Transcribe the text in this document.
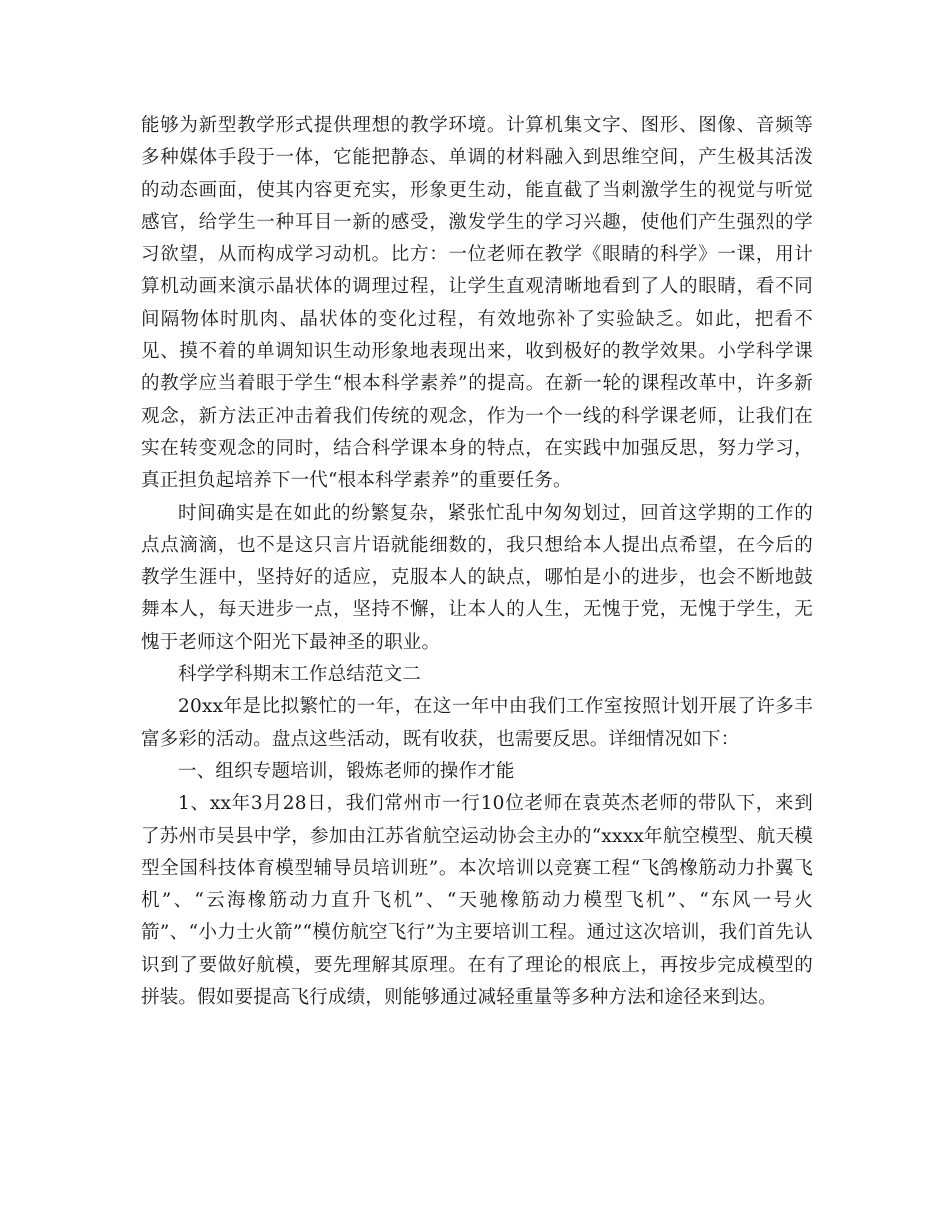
能够为新型教学形式提供理想的教学环境。计算机集文字、图形、图像、音频等多种媒体手段于一体，它能把静态、单调的材料融入到思维空间，产生极其活泼的动态画面，使其内容更充实，形象更生动，能直截了当刺激学生的视觉与听觉感官，给学生一种耳目一新的感受，激发学生的学习兴趣，使他们产生强烈的学习欲望，从而构成学习动机。比方：一位老师在教学《眼睛的科学》一课，用计算机动画来演示晶状体的调理过程，让学生直观清晰地看到了人的眼睛，看不同间隔物体时肌肉、晶状体的变化过程，有效地弥补了实验缺乏。如此，把看不见、摸不着的单调知识生动形象地表现出来，收到极好的教学效果。小学科学课的教学应当着眼于学生“根本科学素养”的提高。在新一轮的课程改革中，许多新观念，新方法正冲击着我们传统的观念，作为一个一线的科学课老师，让我们在实在转变观念的同时，结合科学课本身的特点，在实践中加强反思，努力学习，真正担负起培养下一代“根本科学素养”的重要任务。

时间确实是在如此的纷繁复杂，紧张忙乱中匆匆划过，回首这学期的工作的点点滴滴，也不是这只言片语就能细数的，我只想给本人提出点希望，在今后的教学生涯中，坚持好的适应，克服本人的缺点，哪怕是小的进步，也会不断地鼓舞本人，每天进步一点，坚持不懈，让本人的人生，无愧于党，无愧于学生，无愧于老师这个阳光下最神圣的职业。

科学学科期末工作总结范文二

20xx年是比拟繁忙的一年，在这一年中由我们工作室按照计划开展了许多丰富多彩的活动。盘点这些活动，既有收获，也需要反思。详细情况如下：

一、组织专题培训，锻炼老师的操作才能

1、xx年3月28日，我们常州市一行10位老师在袁英杰老师的带队下，来到了苏州市吴县中学，参加由江苏省航空运动协会主办的“xxxx年航空模型、航天模型全国科技体育模型辅导员培训班”。本次培训以竞赛工程“飞鸽橡筋动力扑翼飞机”、“云海橡筋动力直升飞机”、“天驰橡筋动力模型飞机”、“东风一号火箭”、“小力士火箭”“模仿航空飞行”为主要培训工程。通过这次培训，我们首先认识到了要做好航模，要先理解其原理。在有了理论的根底上，再按步完成模型的拼装。假如要提高飞行成绩，则能够通过减轻重量等多种方法和途径来到达。
